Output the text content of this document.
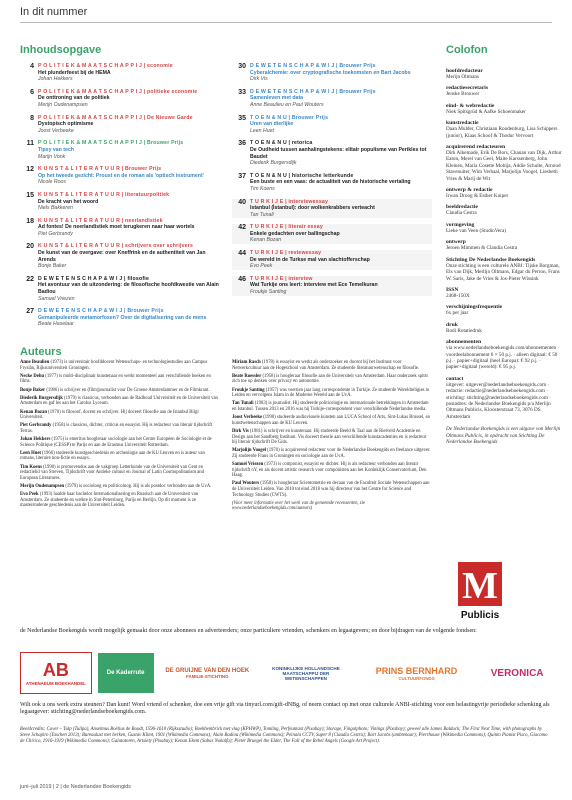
In dit nummer
Inhoudsopgave	Colofon
4 P O L I T I E K & M A A T S C H A P P I J | economie
Het plunderfeest bij de HEMA
Johan Hekkers
6 P O L I T I E K & M A A T S C H A P P I J | politieke economie
De onttroning van de politiek
Merijn Oudenampsen
8 P O L I T I E K & M A A T S C H A P P I J | De Nieuwe Garde
Dystopisch optimisme
Joost Verbeeke
11 P O L I T I E K & M A A T S C H A P P I J | Brouwer Prijs
Tipsy van tech
Marijn Vonk
12 K U N S T & L I T E R A T U U R | Brouwer Prijs
Op het tweede gezicht: Proust en de roman als 'optisch instrument'
Nicole Roos
15 K U N S T & L I T E R A T U U R | literatuurpolitiek
De kracht van het woord
Niels Bakkeren
18 K U N S T & L I T E R A T U U R | neerlandistiek
Ad fontes! De neerlandistiek moet terugkeren naar haar wortels
Piet Gerbrandy
20 K U N S T & L I T E R A T U U R | schrijvers over schrijvers
De kunst van de overgave: over Kneffrink en de authentiteit van Jan Arends
Bonje Baker
22 D E W E T E N S C H A P & W I J | filosofie
Het avontuur van de uitzondering: de filosofische hoofdkwestie van Alain Badiou
Samuel Vriezen
27 D E W E T E N S C H A P & W I J | Brouwer Prijs
Gemanipuleerde metamorfosen? Over de digitalisering van de mens
Beate Haselaar
30 D E W E T E N S C H A P & W I J | Brouwer Prijs
Cyberalchemie: over cryptografische toekomsten en Bart Jacobs
Dirk Vis
33 D E W E T E N S C H A P & W I J | Brouwer Prijs
Samenleven met data
Anne Beaulieu en Paul Wouters
35 T O E N & N U | Brouwer Prijs
Uren van dierlijke
Leen Huet
36 T O E N & N U | retorica
De Oudheid tussen aanhalingstekens: elitair populisme van Perikles tot Baudet
Diederik Burgersdijk
37 T O E N & N U | historische letterkunde
Een buste en een vaas: de actualiteit van de historische vertaling
Tim Koens
40 T U R K I J E | interviewessay
Istanbul (İstanbul): door wolkenkrabbers verteacht
Tan Tunali
42 T U R K I J E | literair essay
Enkele gedachten over ballingschap
Kenan Bozan
44 T U R K I J E | reviewessay
De wereld in de Turkse mal van slachtofferschap
Evo Peek
46 T U R K I J E | interview
Wat Turkije ons leert: interview met Ece Temelkuran
Froukje Santing
hoofdredacteur
Merijn Oltmans
redactiesecretaris
Jenske Brouwer
eind- & webredactie
Niek Spitsgrüd & Aafke Schoenmaker
kunstredactie
Daan Mulder, Christiaan Roodenburg, Lisa Schippers (junior), Klaas Schoof & Thodur Vervoort
acquirerend redacteuren
Dirk Alkemade, Erik De Bors, Chanan van Dijk, Arthur Eaton, Merel van Geel, Maite Karssenberg, John Kleinen, Maria Cosette Mobija, Addie Schulte, Arnoud Stavenuiter, Wim Verhaal, Marjolijn Voogel, Liesbeth Vries & Marij de Wit
ontwerp & redactie
Irwan Droog & Esther Kuiper
beeldredactie
Claudia Cestra
vormgeving
Lieke van Veen (StudioVera)
ontwerp
Jeroen Mimmen & Claudia Cestra
Stichting De Nederlandse Boekengids
Onze stichting is een culturele ANBI: Tijske Borgman, Els van Dijk, Merlijn Oltmans, Edgar du Perron, Frans W. Saris, Jake de Vries & Jos-Pieter Wissink
ISSN
2468-150X
verschijningsfrequentie
6x per jaar
druk
Rodi Rotatiedruk
abonnementen
via www.nederlandseboekengids.com/abonnementen · voordeelabonnement 6 × 50 p.j. · alleen digitaal: € 50 p.j. · papier+digitaal (heel Europa): € 92 p.j. · papier+digitaal (wereld): € 95 p.j.
contact
uitgever: uitgever@nederlandseboekengids.com · redactie: redactie@nederlandseboekengids.com · stichting: stichting@nederlandseboekengids.com · postadres: de Nederlandse Boekengids p/a Merlijn Oltmans Publicis, Kloosterstraat 73, 3076 DS Amsterdam
De Nederlandse Boekengids is een uitgave van Merlijn Oltmans Publicis, in opdracht van Stichting De Nederlandse Boekengids
Auteurs

Anne Beaulieu (1973) is universitair hoofddocent Wetenschaps- en technologiestudies aan Campus Fryslân, Rijksuniversiteit Groningen.

Necke Dehu (1977) is multi-disciplinair kunstenaar en werkt momenteel aan verschillende boeken en films.

Bonje Baker (1986) is schrijver en (film)journalist voor De Groene Amsterdammer en de Filmkrant.

Diederik Burgersdijk (1979) is classicus, verbonden aan de Radboud Universiteit en de Universiteit van Amsterdam en gaf les aan het Carolus Lyceum.

Kenan Bozan (1970) is filosoof, docent en schrijver. Hij doceert filosofie aan de Istanbul Bilgi Universiteit.

Piet Gerbrandy (1958) is classicus, dichter, criticus en essayist. Hij is redacteur van literair tijdschrift Terras.

Johan Hekkers (1975) is emeritus hoogleraar sociologie aan het Centre Européen de Sociologie et de Science Politique (CESSP) te Parijs en aan de Erasmus Universiteit Rotterdam.

Leen Huet (1966) studeerde kunstgeschiedenis en archeologie aan de KU Leuven en is auteur van romans, literaire non-fictie en essays.

Tim Koens (1990) is promovendus aan de vakgroep Letterkunde van de Universiteit van Gent en redactielid van Streven, Tijdschrift voor Antieke cultuur en Journal of Latin Cosmopolitanism and European Literatures.

Merijn Oudenampsen (1979) is socioloog en politicoloog. Hij is als postdoc verbonden aan de UvA.

Evo Peek (1993) haalde haar bachelor Internationalisering en Russisch aan de Universiteit van Amsterdam. Ze studeerde en werkte in Sint-Petersburg, Parijs en Berlijn. Op dit moment is ze masterstudente geschiedenis aan de Universiteit Leiden.

Miriam Rasch (1978) is essayist en werkt als onderzoeker en docent bij het Instituut voor Netwerkcultuur aan de Hogeschool van Amsterdam. Ze studeerde literatuurwetenschap en filosofie.

Beate Roessler (1958) is hoogleraar filosofie aan de Universiteit van Amsterdam. Haar onderzoek spitst zich toe op denken over privacy en autonomie.

Froukje Santing (1957) was veertien jaar lang correspondente in Turkije. Ze studeerde Wereldreligies in Leiden en vervolgens Islam in de Moderne Wereld aan de UvA.

Tan Tunali (1983) is journalist. Hij studeerde politicologie en internationale betrekkingen in Amsterdam en Istanbul. Tussen 2013 en 2016 was hij Turkije-correspondent voor verschillende Nederlandse media.

Joost Verbeeke (1990) studeerde audiovisuele kunsten aan LUCA School of Arts, Sint-Lukas Brussel, en kunstwetenschappen aan de KU Leuven.

Dirk Vis (1981) is schrijver en kunstenaar. Hij studeerde Beeld & Taal aan de Rietveld Academie en Design aan het Sandberg Instituut. Vis doceert theorie aan verschillende kunstacademies en is redacteur bij literair tijdschrift De Gids.

Marjolijn Voogel (1970) is acquirerend redacteur voor de Nederlandse Boekengids en freelance uitgever. Zij studeerde Frans in Groningen en sociologie aan de UvA.

Samuel Vriezen (1973) is componist, essayist en dichter. Hij is als redacteur verbonden aan literair tijdschrift nY, en als docent artistic research voor componisten aan het Koninklijk Conservatorium, Den Haag.

Paul Wouters (1958) is hoogleraar Scientometrie en decaan van de Faculteit Sociale Wetenschappen aan de Universiteit Leiden. Van 2010 tot eind 2018 was hij directeur van het Centre for Science and Technology Studies (CWTS).

(Voor meer informatie over het werk van de genoemde recensenten, zie www.nederlandseboekengids.com/auteurs)

M
Publicis
de Nederlandse Boekengids wordt mogelijk gemaakt door onze abonnees en adverteerders; onze particuliere vrienden, schenkers en legaatgevers; en door bijdragen van de volgende fondsen:
AB
ATHENAEUM BOEKHANDEL
De Kaderrute	DE GRUIJNE VAN DEN HOEK
FAMILIE-STICHTING
KONINKLIJKE HOLLANDSCHE MAATSCHAPPIJ DER WETENSCHAPPEN
PRINS BERNHARD
CULTUURFONDS	VERONICA
Wilt ook u ons werk extra steunen? Dan kunt! Word vriend of schenker, doe een vrije gift via tinyurl.com/gift-dNBg, of neem contact op met onze culturele ANBI-stichting voor een belastingvrije periodieke schenking als legaatgever: stichting@nederlandseboekengids.com.
Beeldcredits: Cover – Tulp (Tulipa), Anselmus Boëtius de Boodt, 1596-1610 (Rijksstudio); Boekhembrick met vlag (KPHWP), Tomling, Perfeuntaxt (Pixabay); Storage, Fingalphoto; Vinings (Pixabay); geweel alle James Balduck; The First Next Time, with photographs by Steve Schapiro (Taschen 2013); Bureaulust met herken, Gustav Klimt, 1901 (Wikimedia Commons); Alain Badiou (Wikimedia Commons); Peinala CCTV, Super 8 (Claudia Cestra); Bart Jacobs (ambtenaar); Pierrhouse (Wikimedia Commons); Quinto Pianist Pisco, Giacomo de Chirico, 1916-1919 (Wikimedia Commons); Galatatoren, Artsiety (Pixabay); Kenan Ekem (Sabas Nokalfa); Pieter Bruegel the Elder, The Fall of the Rebel Angels (Google Art Project).
juni–juli 2019 | 2 | de Nederlandse Boekengids
